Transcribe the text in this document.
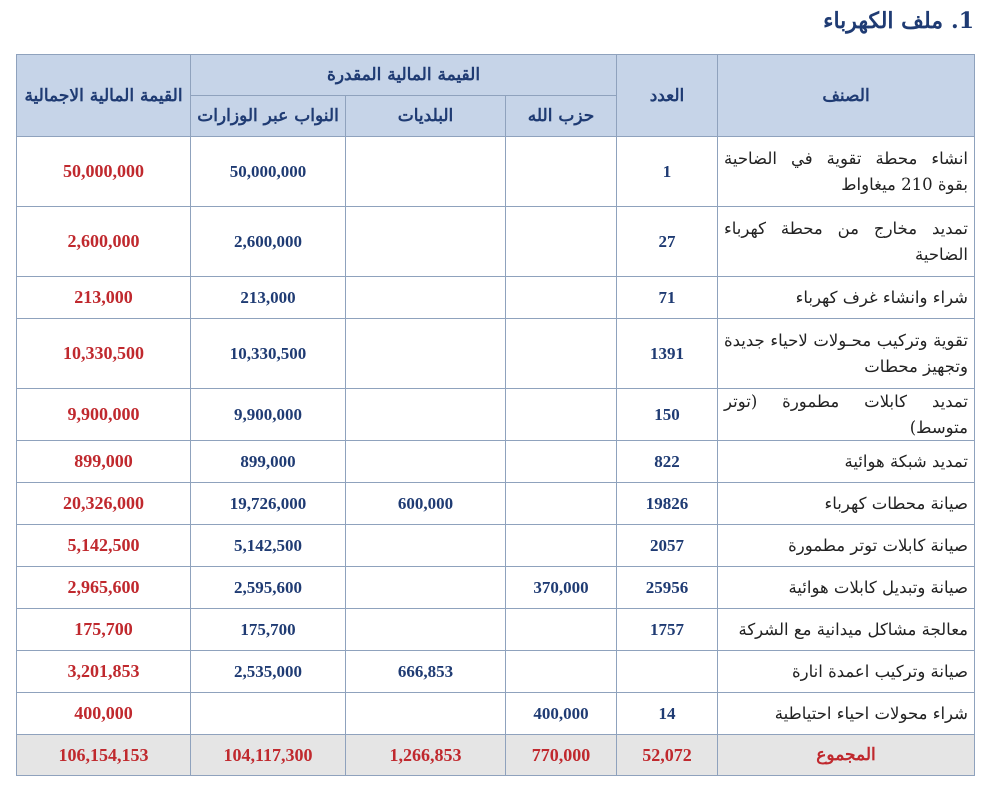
1.ملف الكهرباء
الصنف	العدد	القيمة المالية المقدرة			القيمة المالية الاجمالية
		حزب الله	البلديات	النواب عبر الوزارات	
انشاء محطة تقوية في الضاحية بقوة 210 ميغاواط	1			50,000,000	50,000,000
تمديد مخارج من محطة كهرباء الضاحية	27			2,600,000	2,600,000
شراء وانشاء غرف كهرباء	71			213,000	213,000
تقوية وتركيب محـولات لاحياء جديدة وتجهيز محطات	1391			10,330,500	10,330,500
تمديد كابلات مطمورة (توتر متوسط)	150			9,900,000	9,900,000
تمديد شبكة هوائية	822			899,000	899,000
صيانة محطات كهرباء	19826		600,000	19,726,000	20,326,000
صيانة كابلات توتر مطمورة	2057			5,142,500	5,142,500
صيانة وتبديل كابلات هوائية	25956	370,000		2,595,600	2,965,600
معالجة مشاكل ميدانية مع الشركة	1757			175,700	175,700
صيانة وتركيب اعمدة انارة			666,853	2,535,000	3,201,853
شراء محولات احياء احتياطية	14	400,000			400,000
المجموع	52,072	770,000	1,266,853	104,117,300	106,154,153
